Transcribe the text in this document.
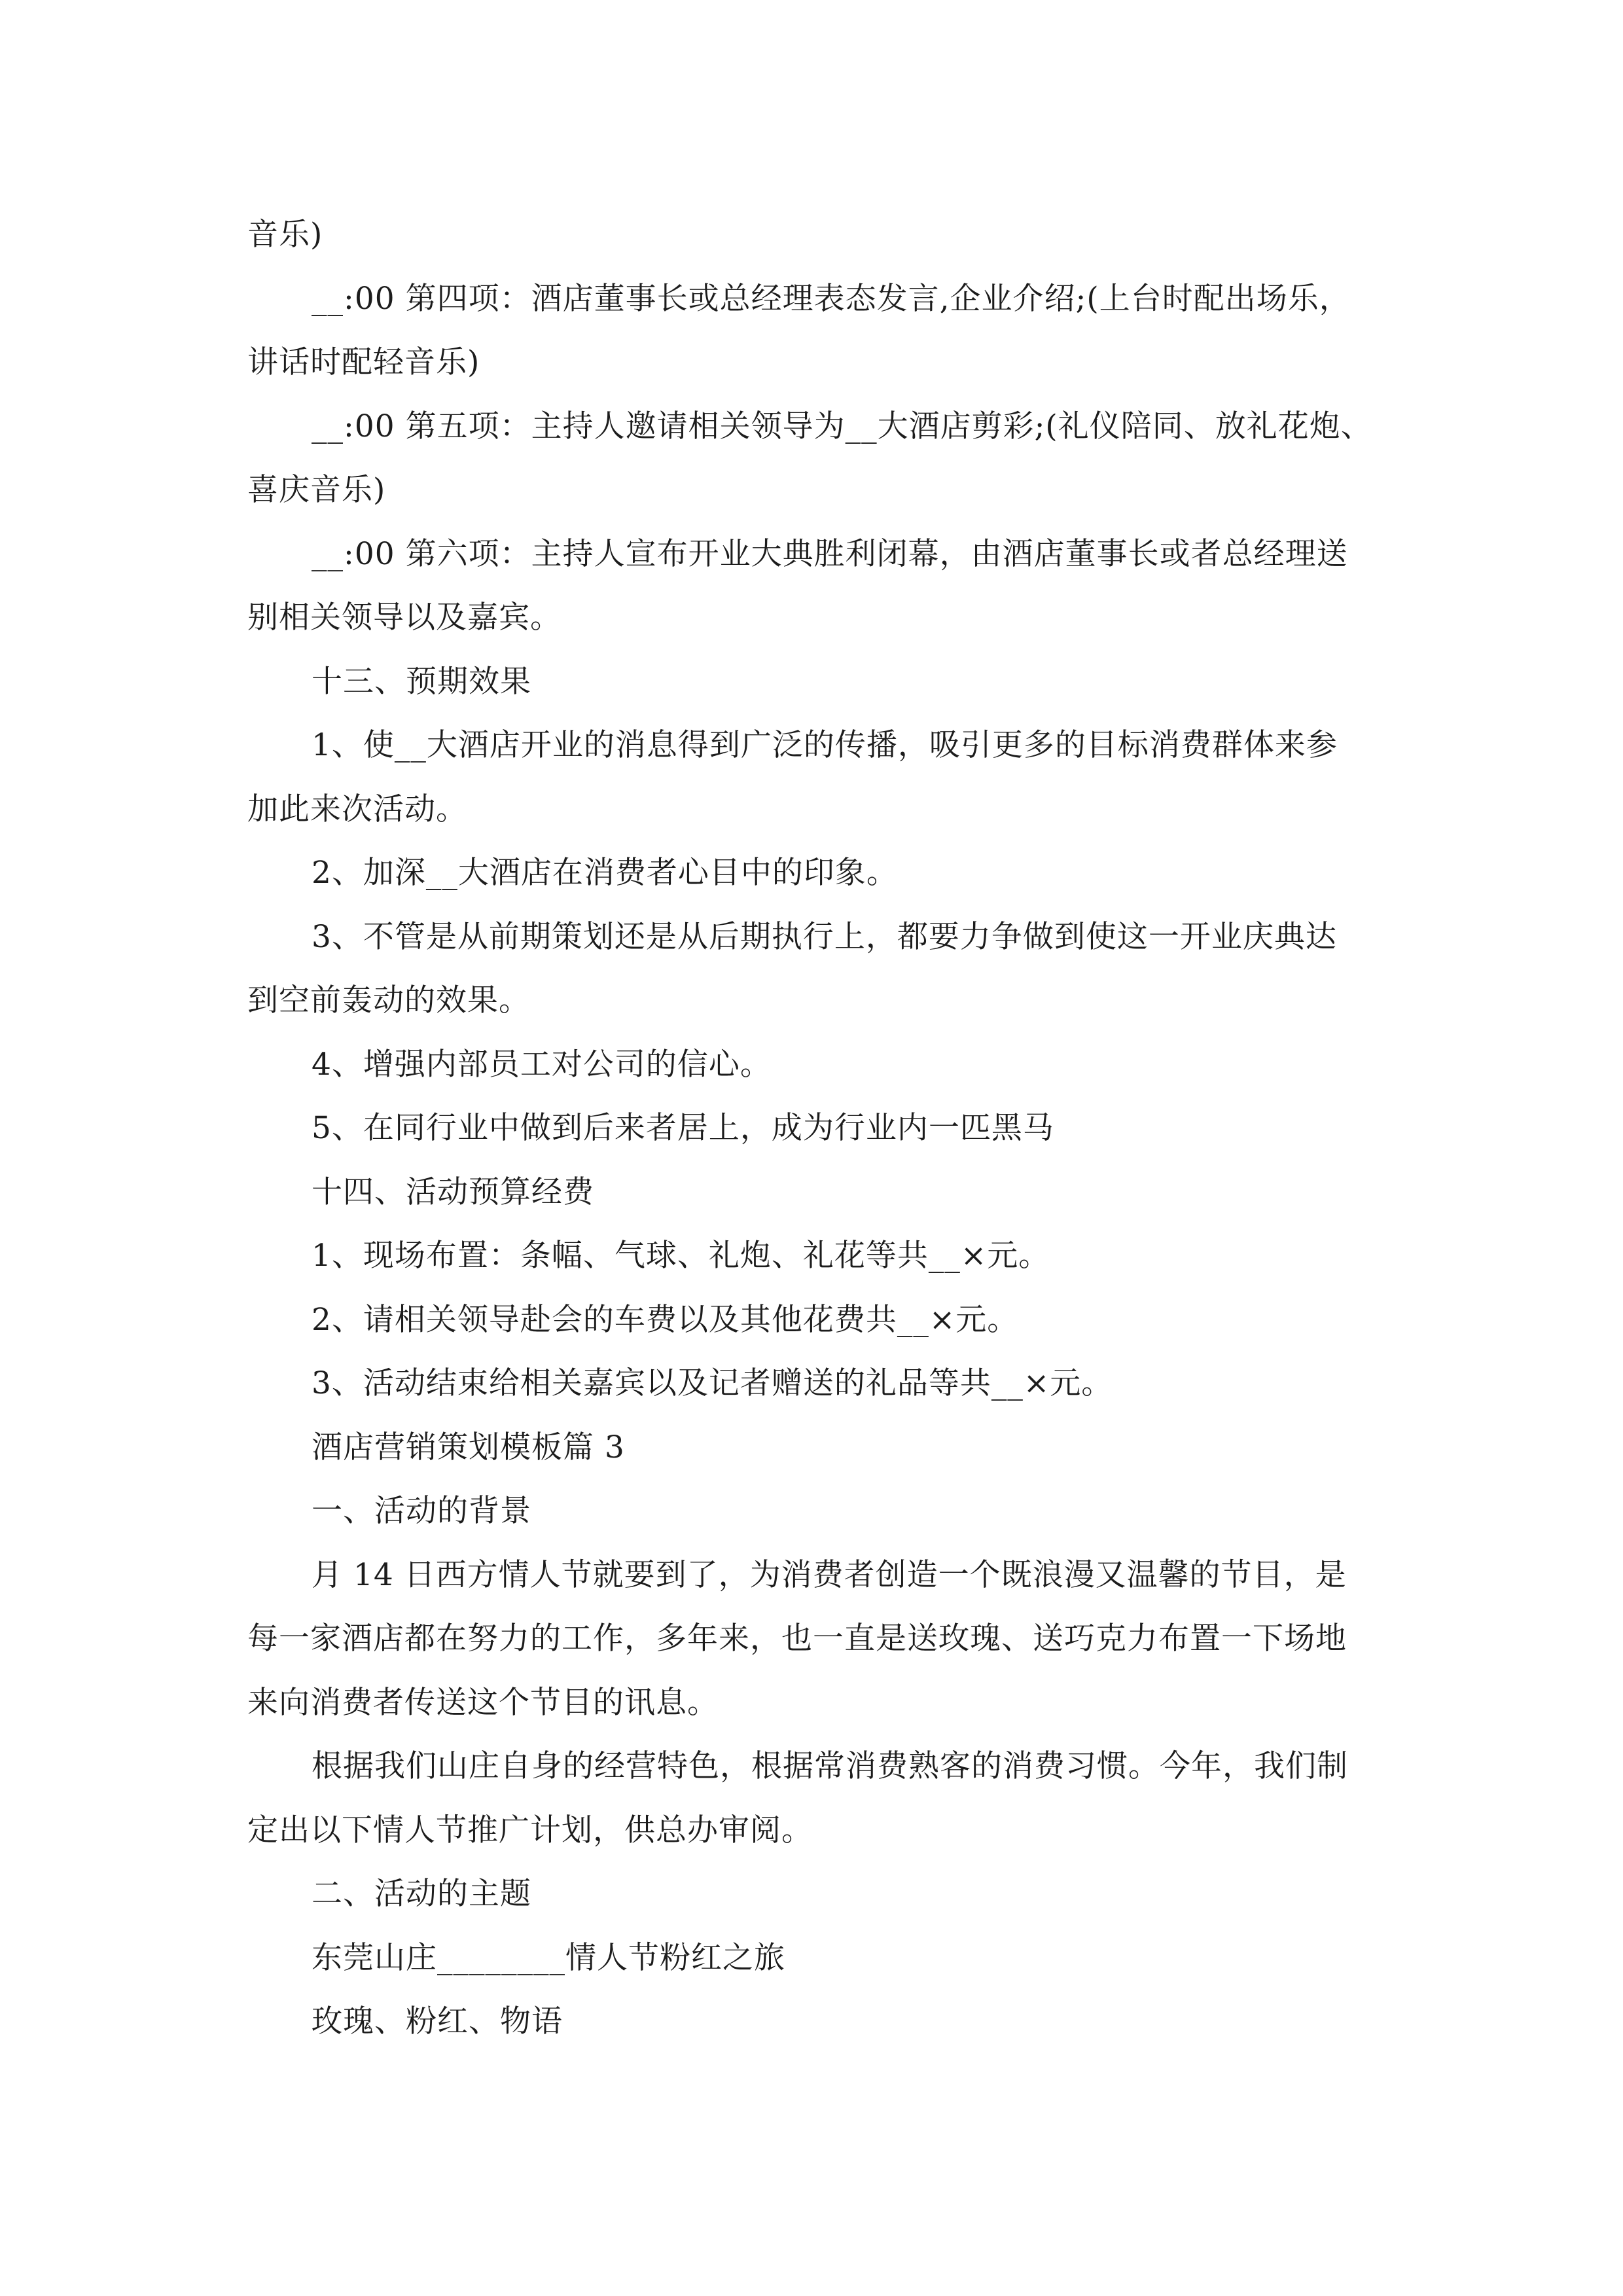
音乐)

__:00 第四项：酒店董事长或总经理表态发言,企业介绍;(上台时配出场乐，

讲话时配轻音乐)

__:00 第五项：主持人邀请相关领导为__大酒店剪彩;(礼仪陪同、放礼花炮、

喜庆音乐)

__:00 第六项：主持人宣布开业大典胜利闭幕，由酒店董事长或者总经理送

别相关领导以及嘉宾。

十三、预期效果

1、使__大酒店开业的消息得到广泛的传播，吸引更多的目标消费群体来参

加此来次活动。

2、加深__大酒店在消费者心目中的印象。

3、不管是从前期策划还是从后期执行上，都要力争做到使这一开业庆典达

到空前轰动的效果。

4、增强内部员工对公司的信心。

5、在同行业中做到后来者居上，成为行业内一匹黑马

十四、活动预算经费

1、现场布置：条幅、气球、礼炮、礼花等共__×元。

2、请相关领导赴会的车费以及其他花费共__×元。

3、活动结束给相关嘉宾以及记者赠送的礼品等共__×元。

酒店营销策划模板篇 3

一、活动的背景

月 14 日西方情人节就要到了，为消费者创造一个既浪漫又温馨的节目，是

每一家酒店都在努力的工作，多年来，也一直是送玫瑰、送巧克力布置一下场地

来向消费者传送这个节目的讯息。

根据我们山庄自身的经营特色，根据常消费熟客的消费习惯。今年，我们制

定出以下情人节推广计划，供总办审阅。

二、活动的主题

东莞山庄________情人节粉红之旅

玫瑰、粉红、物语
